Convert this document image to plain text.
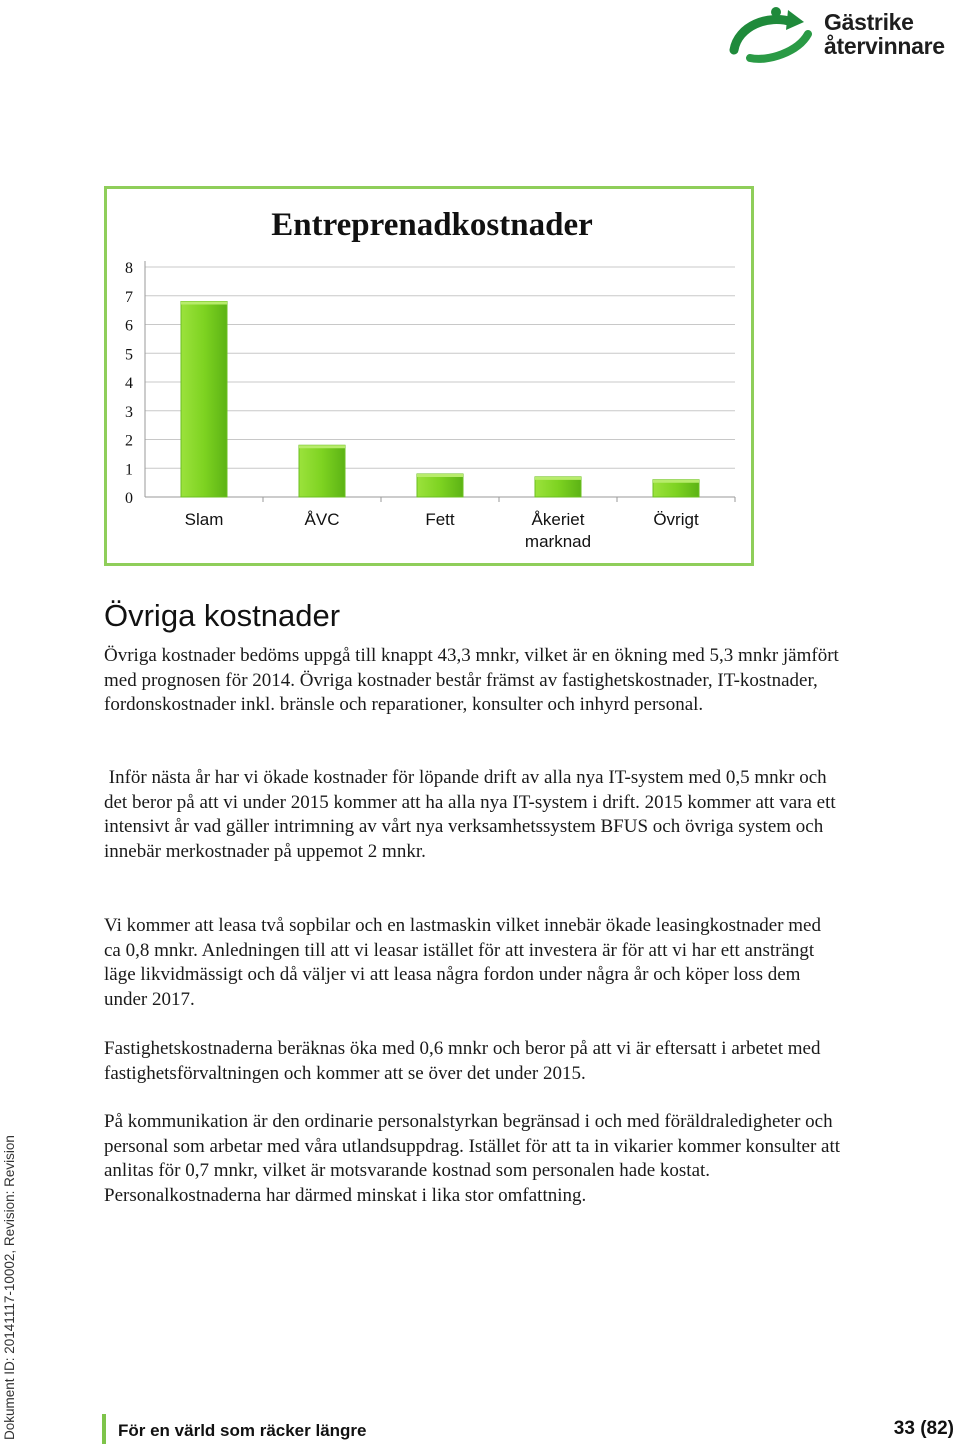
Gästrike
återvinnare
Entreprenadkostnader
0
1
2
3
4
5
6
7
8
Slam	ÅVC	Fett	Åkeriet marknad
Övrigt
Övriga kostnader

Övriga kostnader bedöms uppgå till knappt 43,3 mnkr, vilket är en ökning med 5,3 mnkr jämfört med prognosen för 2014. Övriga kostnader består främst av fastighetskostnader, IT-kostnader, fordonskostnader inkl. bränsle och reparationer, konsulter och inhyrd personal.

Inför nästa år har vi ökade kostnader för löpande drift av alla nya IT-system med 0,5 mnkr och det beror på att vi under 2015 kommer att ha alla nya IT-system i drift. 2015 kommer att vara ett intensivt år vad gäller intrimning av vårt nya verksamhetssystem BFUS och övriga system och innebär merkostnader på uppemot 2 mnkr.

Vi kommer att leasa två sopbilar och en lastmaskin vilket innebär ökade leasingkostnader med ca 0,8 mnkr. Anledningen till att vi leasar istället för att investera är för att vi har ett ansträngt läge likvidmässigt och då väljer vi att leasa några fordon under några år och köper loss dem under 2017.

Fastighetskostnaderna beräknas öka med 0,6 mnkr och beror på att vi är eftersatt i arbetet med fastighetsförvaltningen och kommer att se över det under 2015.

På kommunikation är den ordinarie personalstyrkan begränsad i och med föräldraledigheter och personal som arbetar med våra utlandsuppdrag. Istället för att ta in vikarier kommer konsulter att anlitas för 0,7 mnkr, vilket är motsvarande kostnad som personalen hade kostat. Personalkostnaderna har därmed minskat i lika stor omfattning.

Dokument ID: 20141117-10002, Revision: Revision	För en värld som räcker längre	33 (82)
